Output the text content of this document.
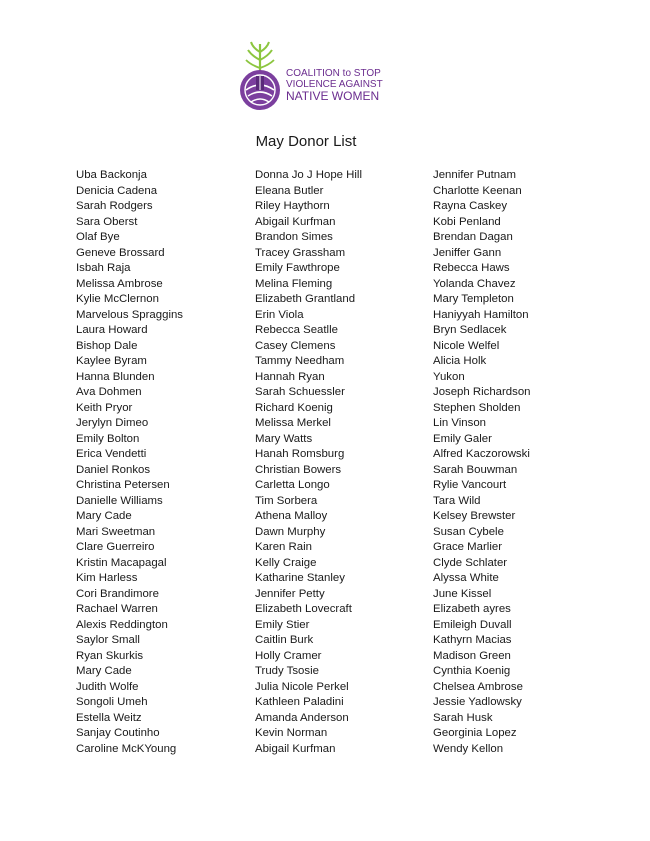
COALITION to STOP
VIOLENCE AGAINST
NATIVE WOMEN
May Donor List
Uba Backonja
Denicia Cadena
Sarah Rodgers
Sara Oberst
Olaf Bye
Geneve Brossard
Isbah Raja
Melissa Ambrose
Kylie McClernon
Marvelous Spraggins
Laura Howard
Bishop Dale
Kaylee Byram
Hanna Blunden
Ava Dohmen
Keith Pryor
Jerylyn Dimeo
Emily Bolton
Erica Vendetti
Daniel Ronkos
Christina Petersen
Danielle Williams
Mary Cade
Mari Sweetman
Clare Guerreiro
Kristin Macapagal
Kim Harless
Cori Brandimore
Rachael Warren
Alexis Reddington
Saylor Small
Ryan Skurkis
Mary Cade
Judith Wolfe
Songoli Umeh
Estella Weitz
Sanjay Coutinho
Caroline McKYoung
Donna Jo J Hope Hill
Eleana Butler
Riley Haythorn
Abigail Kurfman
Brandon Simes
Tracey Grassham
Emily Fawthrope
Melina Fleming
Elizabeth Grantland
Erin Viola
Rebecca Seatlle
Casey Clemens
Tammy Needham
Hannah Ryan
Sarah Schuessler
Richard Koenig
Melissa Merkel
Mary Watts
Hanah Romsburg
Christian Bowers
Carletta Longo
Tim Sorbera
Athena Malloy
Dawn Murphy
Karen Rain
Kelly Craige
Katharine Stanley
Jennifer Petty
Elizabeth Lovecraft
Emily Stier
Caitlin Burk
Holly Cramer
Trudy Tsosie
Julia Nicole Perkel
Kathleen Paladini
Amanda Anderson
Kevin Norman
Abigail Kurfman
Jennifer Putnam
Charlotte Keenan
Rayna Caskey
Kobi Penland
Brendan Dagan
Jeniffer Gann
Rebecca Haws
Yolanda Chavez
Mary Templeton
Haniyyah Hamilton
Bryn Sedlacek
Nicole Welfel
Alicia Holk
Yukon
Joseph Richardson
Stephen Sholden
Lin Vinson
Emily Galer
Alfred Kaczorowski
Sarah Bouwman
Rylie Vancourt
Tara Wild
Kelsey Brewster
Susan Cybele
Grace Marlier
Clyde Schlater
Alyssa White
June Kissel
Elizabeth ayres
Emileigh Duvall
Kathyrn Macias
Madison Green
Cynthia Koenig
Chelsea Ambrose
Jessie Yadlowsky
Sarah Husk
Georginia Lopez
Wendy Kellon
